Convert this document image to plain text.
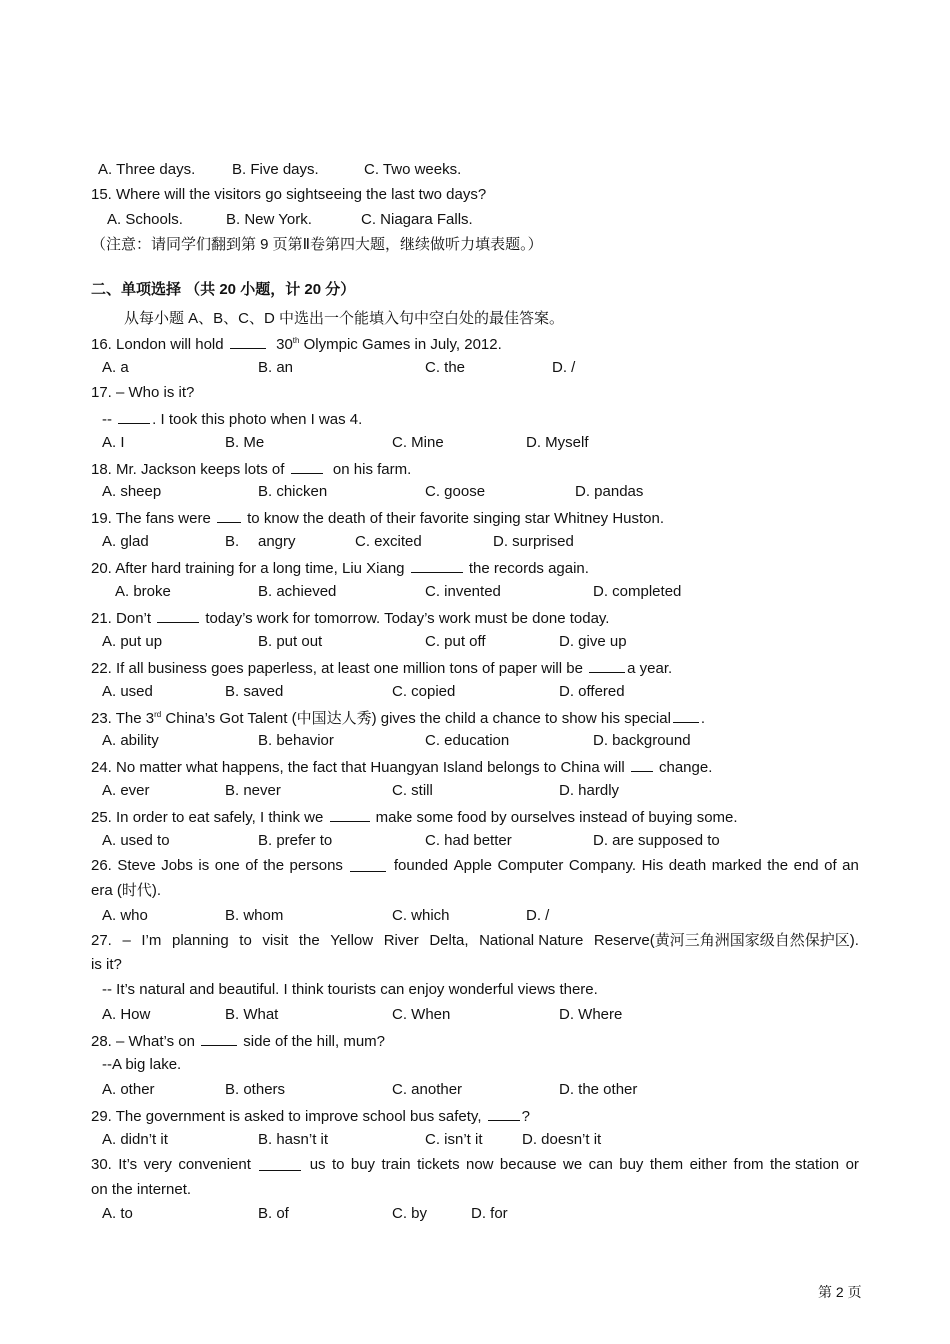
A. Three days. B. Five days.	C. Two weeks.
15. Where will the visitors go sightseeing the last two days?
A. Schools.	B. New York.	C. Niagara Falls.
（注意：请同学们翻到第 9 页第Ⅱ卷第四大题，继续做听力填表题。）
二、单项选择 （共 20 小题，计 20 分）
从每小题 A、B、C、D 中选出一个能填入句中空白处的最佳答案。
16. London will hold	30th Olympic Games in July, 2012.
A. a	B. an	C. the	D. /
17. – Who is it?
--	. I took this photo when I was 4.
A. I	B. Me	C. Mine	D. Myself
18. Mr. Jackson keeps lots of	on his farm.
A. sheep	B. chicken	C. goose	D. pandas
19. The fans were  to know the death of their favorite singing star Whitney Huston.
A. glad	B. angry	C. excited	D. surprised
20. After hard training for a long time, Liu Xiang	the records again.
A. broke	B. achieved	C. invented	D. completed
21. Don’t	today’s work for tomorrow. Today’s work must be done today.
A. put up	B. put out	C. put off	D. give up
22. If all business goes paperless, at least one million tons of paper will be	a year.
A. used	B. saved	C. copied	D. offered
23. The 3rd China’s Got Talent (中国达人秀) gives the child a chance to show his special .
A. ability	B. behavior	C. education	D. background
24. No matter what happens, the fact that Huangyan Island belongs to China will  change.
A. ever	B. never	C. still	D. hardly
25. In order to eat safely, I think we	make some food by ourselves instead of buying some.
A. used to	B. prefer to	C. had better	D. are supposed to
26. Steve Jobs is one of the persons	founded Apple Computer Company. His death marked the end of an
era (时代).
A. who	B. whom	C. which	D. /
27. – I’m planning to visit the Yellow River Delta, National Nature Reserve(黄河三角洲国家级自然保护区).
is it?
-- It’s natural and beautiful. I think tourists can enjoy wonderful views there.
A. How	B. What	C. When	D. Where
28. – What’s on	side of the hill, mum?
--A big lake.
A. other	B. others	C. another	D. the other
29. The government is asked to improve school bus safety, ?
A. didn’t it	B. hasn’t it	C. isn’t it	D. doesn’t it
30. It’s very convenient	us to buy train tickets now because we can buy them either from the station or
on the internet.
A. to	B. of	C. by	D. for
第 2 页
